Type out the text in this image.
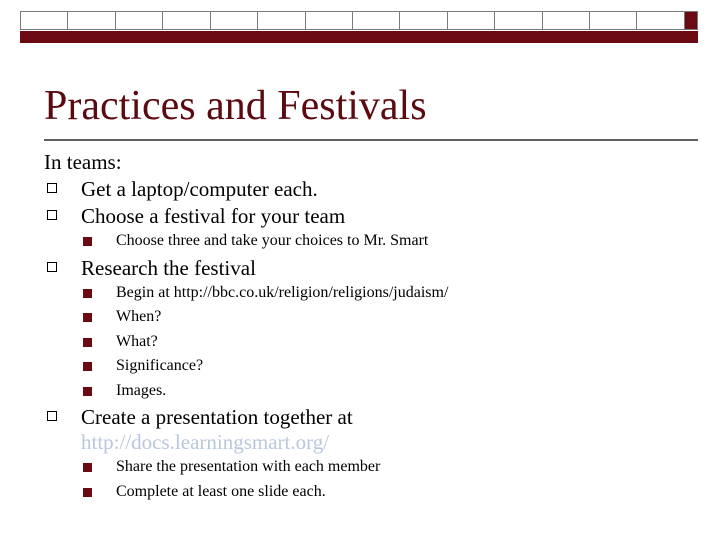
Practices and Festivals

In teams:

Get a laptop/computer each.
Choose a festival for your team
Choose three and take your choices to Mr. Smart
Research the festival
Begin at http://bbc.co.uk/religion/religions/judaism/
When?
What?
Significance?
Images.
Create a presentation together at
http://docs.learningsmart.org/
Share the presentation with each member
Complete at least one slide each.
